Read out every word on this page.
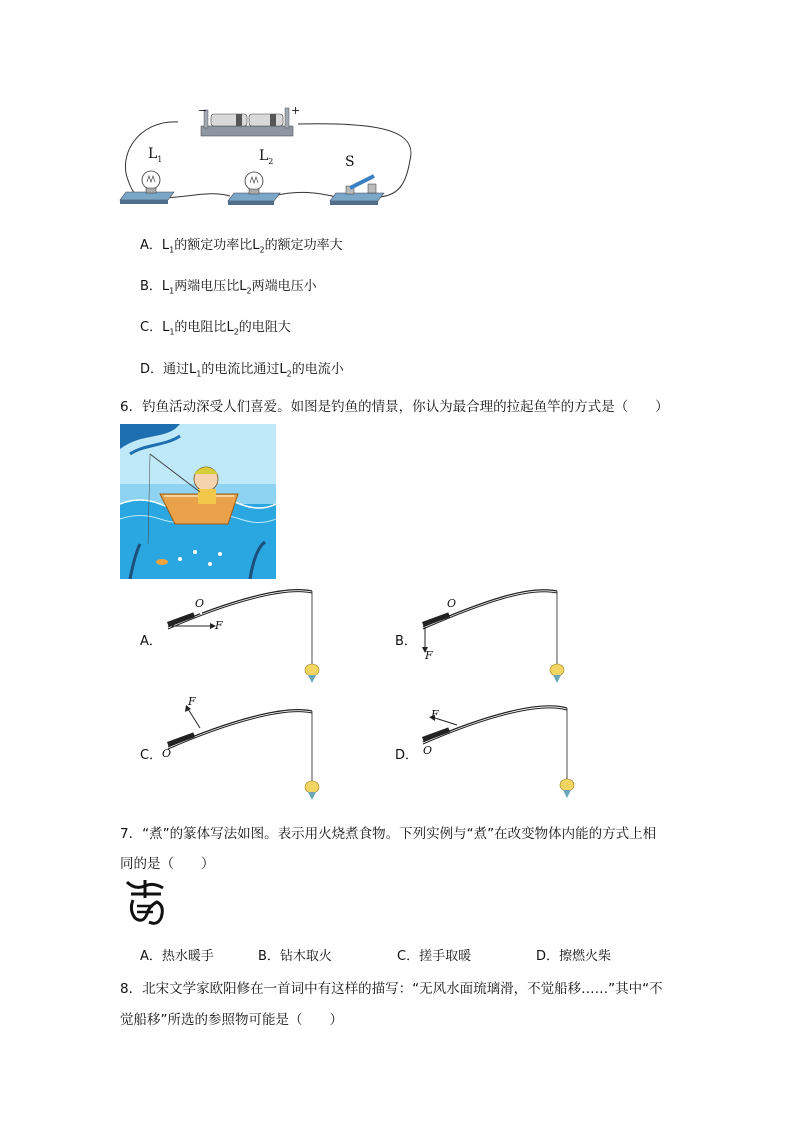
−	+
$L_1$	$L_2$	S
A．$L_1$的额定功率比$L_2$的额定功率大
B．$L_1$两端电压比$L_2$两端电压小
C．$L_1$的电阻比$L_2$的电阻大
D．通过$L_1$的电流比通过$L_2$的电流小
6．钓鱼活动深受人们喜爱。如图是钓鱼的情景，你认为最合理的拉起鱼竿的方式是（　　）
O
F
A．
O
F
B．
O
F
C．	O
F
D．
7．“煮”的篆体写法如图。表示用火烧煮食物。下列实例与“煮”在改变物体内能的方式上相
同的是（　　）
A．热水暖手	B．钻木取火	C．搓手取暖	D．擦燃火柴
8．北宋文学家欧阳修在一首词中有这样的描写：“无风水面琉璃滑，不觉船移……”其中“不
觉船移”所选的参照物可能是（　　）
